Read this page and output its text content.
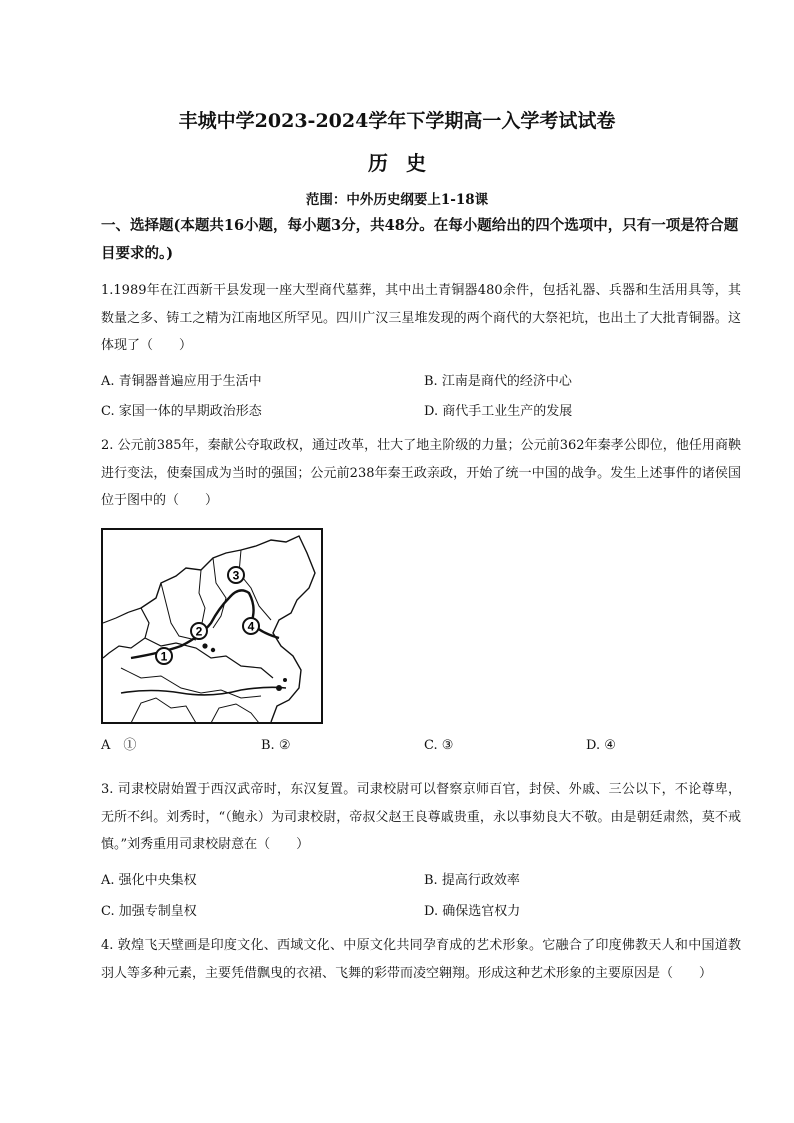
丰城中学2023-2024学年下学期高一入学考试试卷
历史
范围：中外历史纲要上1-18课
一、选择题(本题共16小题，每小题3分，共48分。在每小题给出的四个选项中，只有一项是符合题目要求的。)
1.1989年在江西新干县发现一座大型商代墓葬，其中出土青铜器480余件，包括礼器、兵器和生活用具等，其数量之多、铸工之精为江南地区所罕见。四川广汉三星堆发现的两个商代的大祭祀坑，也出土了大批青铜器。这体现了（　　）
A. 青铜器普遍应用于生活中	B. 江南是商代的经济中心
C. 家国一体的早期政治形态	D. 商代手工业生产的发展
2. 公元前385年，秦献公夺取政权，通过改革，壮大了地主阶级的力量；公元前362年秦孝公即位，他任用商鞅进行变法，使秦国成为当时的强国；公元前238年秦王政亲政，开始了统一中国的战争。发生上述事件的诸侯国位于图中的（　　）
1
2
3
4
A　①	B. ②	C. ③	D. ④
3. 司隶校尉始置于西汉武帝时，东汉复置。司隶校尉可以督察京师百官，封侯、外戚、三公以下，不论尊卑，无所不纠。刘秀时，“（鲍永）为司隶校尉，帝叔父赵王良尊戚贵重，永以事劾良大不敬。由是朝廷肃然，莫不戒慎。”刘秀重用司隶校尉意在（　　）
A. 强化中央集权	B. 提高行政效率
C. 加强专制皇权	D. 确保选官权力
4. 敦煌飞天壁画是印度文化、西域文化、中原文化共同孕育成的艺术形象。它融合了印度佛教天人和中国道教羽人等多种元素，主要凭借飘曳的衣裙、飞舞的彩带而凌空翱翔。形成这种艺术形象的主要原因是（　　）
